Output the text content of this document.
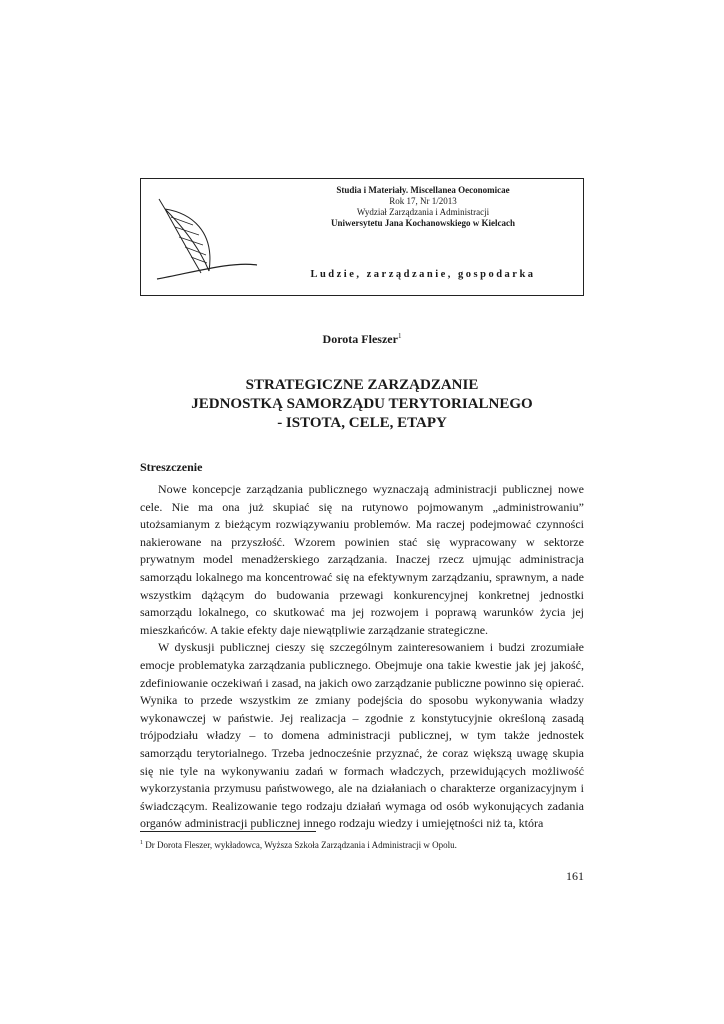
Studia i Materiały. Miscellanea Oeconomicae
Rok 17, Nr 1/2013
Wydział Zarządzania i Administracji
Uniwersytetu Jana Kochanowskiego w Kielcach
Ludzie, zarządzanie, gospodarka
Dorota Fleszer$^1$
STRATEGICZNE ZARZĄDZANIE
JEDNOSTKĄ SAMORZĄDU TERYTORIALNEGO
- ISTOTA, CELE, ETAPY
Streszczenie

Nowe koncepcje zarządzania publicznego wyznaczają administracji publicznej nowe cele. Nie ma ona już skupiać się na rutynowo pojmowanym „administrowaniu” utożsamianym z bieżącym rozwiązywaniu problemów. Ma raczej podejmować czynności nakierowane na przyszłość. Wzorem powinien stać się wypracowany w sektorze prywatnym model menadżerskiego zarządzania. Inaczej rzecz ujmując administracja samorządu lokalnego ma koncentrować się na efektywnym zarządzaniu, sprawnym, a nade wszystkim dążącym do budowania przewagi konkurencyjnej konkretnej jednostki samorządu lokalnego, co skutkować ma jej rozwojem i poprawą warunków życia jej mieszkańców. A takie efekty daje niewątpliwie zarządzanie strategiczne.

W dyskusji publicznej cieszy się szczególnym zainteresowaniem i budzi zrozumiałe emocje problematyka zarządzania publicznego. Obejmuje ona takie kwestie jak jej jakość, zdefiniowanie oczekiwań i zasad, na jakich owo zarządzanie publiczne powinno się opierać. Wynika to przede wszystkim ze zmiany podejścia do sposobu wykonywania władzy wykonawczej w państwie. Jej realizacja – zgodnie z konstytucyjnie określoną zasadą trójpodziału władzy – to domena administracji publicznej, w tym także jednostek samorządu terytorialnego. Trzeba jednocześnie przyznać, że coraz większą uwagę skupia się nie tyle na wykonywaniu zadań w formach władczych, przewidujących możliwość wykorzystania przymusu państwowego, ale na działaniach o charakterze organizacyjnym i świadczącym. Realizowanie tego rodzaju działań wymaga od osób wykonujących zadania organów administracji publicznej innego rodzaju wiedzy i umiejętności niż ta, która

$^1$ Dr Dorota Fleszer, wykładowca, Wyższa Szkoła Zarządzania i Administracji w Opolu.
161
